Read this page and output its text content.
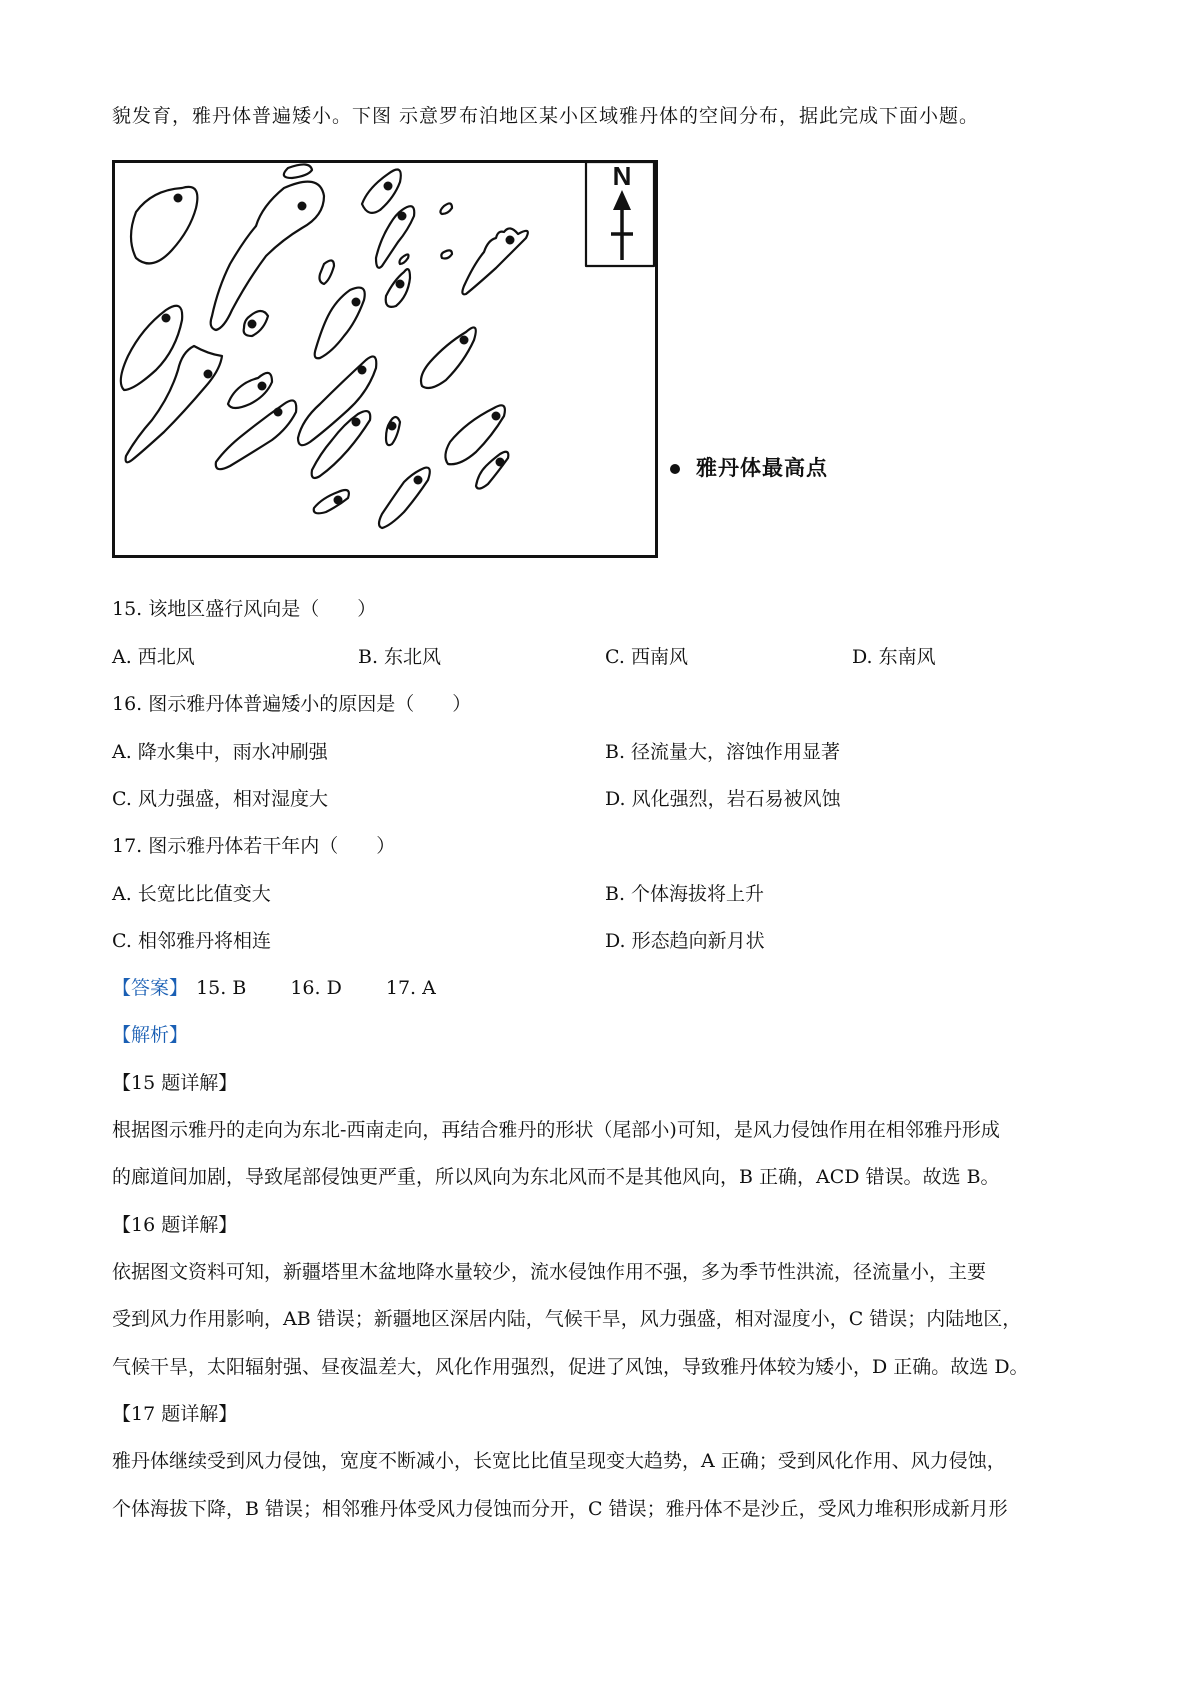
貌发育，雅丹体普遍矮小。下图 示意罗布泊地区某小区域雅丹体的空间分布，据此完成下面小题。
N
雅丹体最高点
15. 该地区盛行风向是（　　）
A. 西北风	B. 东北风	C. 西南风	D. 东南风
16. 图示雅丹体普遍矮小的原因是（　　）
A. 降水集中，雨水冲刷强	B. 径流量大，溶蚀作用显著
C. 风力强盛，相对湿度大	D. 风化强烈，岩石易被风蚀
17. 图示雅丹体若干年内（　　）
A. 长宽比比值变大	B. 个体海拔将上升
C. 相邻雅丹将相连	D. 形态趋向新月状
【答案】 15. B 16. D 17. A
【解析】
【15 题详解】
根据图示雅丹的走向为东北-西南走向，再结合雅丹的形状（尾部小)可知，是风力侵蚀作用在相邻雅丹形成
的廊道间加剧，导致尾部侵蚀更严重，所以风向为东北风而不是其他风向，B 正确，ACD 错误。故选 B。
【16 题详解】
依据图文资料可知，新疆塔里木盆地降水量较少，流水侵蚀作用不强，多为季节性洪流，径流量小，主要
受到风力作用影响，AB 错误；新疆地区深居内陆，气候干旱，风力强盛，相对湿度小，C 错误；内陆地区，
气候干旱，太阳辐射强、昼夜温差大，风化作用强烈，促进了风蚀，导致雅丹体较为矮小，D 正确。故选 D。
【17 题详解】
雅丹体继续受到风力侵蚀，宽度不断减小，长宽比比值呈现变大趋势，A 正确；受到风化作用、风力侵蚀，
个体海拔下降，B 错误；相邻雅丹体受风力侵蚀而分开，C 错误；雅丹体不是沙丘，受风力堆积形成新月形
